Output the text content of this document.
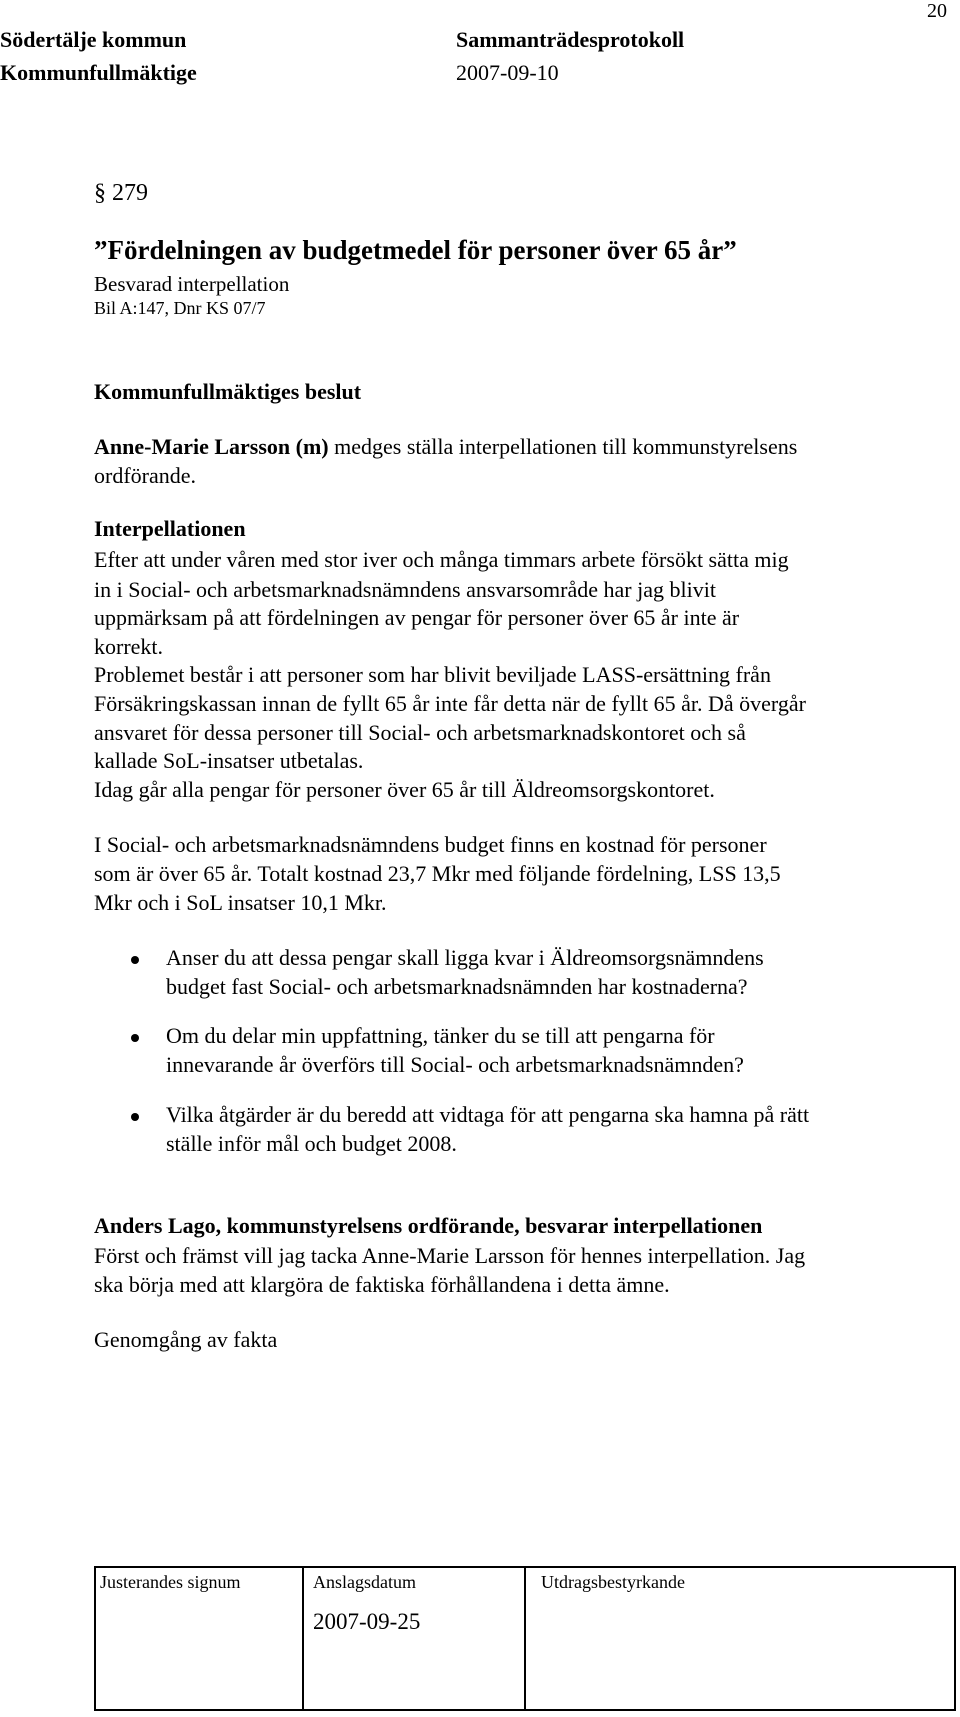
Södertälje kommun
Kommunfullmäktige
Sammanträdesprotokoll
2007-09-10
20
§ 279
”Fördelningen av budgetmedel för personer över 65 år”
Besvarad interpellation
Bil A:147, Dnr KS 07/7
Kommunfullmäktiges beslut
Anne-Marie Larsson (m) medges ställa interpellationen till kommunstyrelsens
ordförande.
Interpellationen
Efter att under våren med stor iver och många timmars arbete försökt sätta mig
in i Social- och arbetsmarknadsnämndens ansvarsområde har jag blivit
uppmärksam på att fördelningen av pengar för personer över 65 år inte är
korrekt.
Problemet består i att personer som har blivit beviljade LASS-ersättning från
Försäkringskassan innan de fyllt 65 år inte får detta när de fyllt 65 år. Då övergår
ansvaret för dessa personer till Social- och arbetsmarknadskontoret och så
kallade SoL-insatser utbetalas.
Idag går alla pengar för personer över 65 år till Äldreomsorgskontoret.
I Social- och arbetsmarknadsnämndens budget finns en kostnad för personer
som är över 65 år. Totalt kostnad 23,7 Mkr med följande fördelning, LSS 13,5
Mkr och i SoL insatser 10,1 Mkr.
Anser du att dessa pengar skall ligga kvar i Äldreomsorgsnämndens
budget fast Social- och arbetsmarknadsnämnden har kostnaderna?
Om du delar min uppfattning, tänker du se till att pengarna för
innevarande år överförs till Social- och arbetsmarknadsnämnden?
Vilka åtgärder är du beredd att vidtaga för att pengarna ska hamna på rätt
ställe inför mål och budget 2008.
Anders Lago, kommunstyrelsens ordförande, besvarar interpellationen
Först och främst vill jag tacka Anne-Marie Larsson för hennes interpellation. Jag
ska börja med att klargöra de faktiska förhållandena i detta ämne.
Genomgång av fakta
Justerandes signum	Anslagsdatum
2007-09-25
Utdragsbestyrkande
